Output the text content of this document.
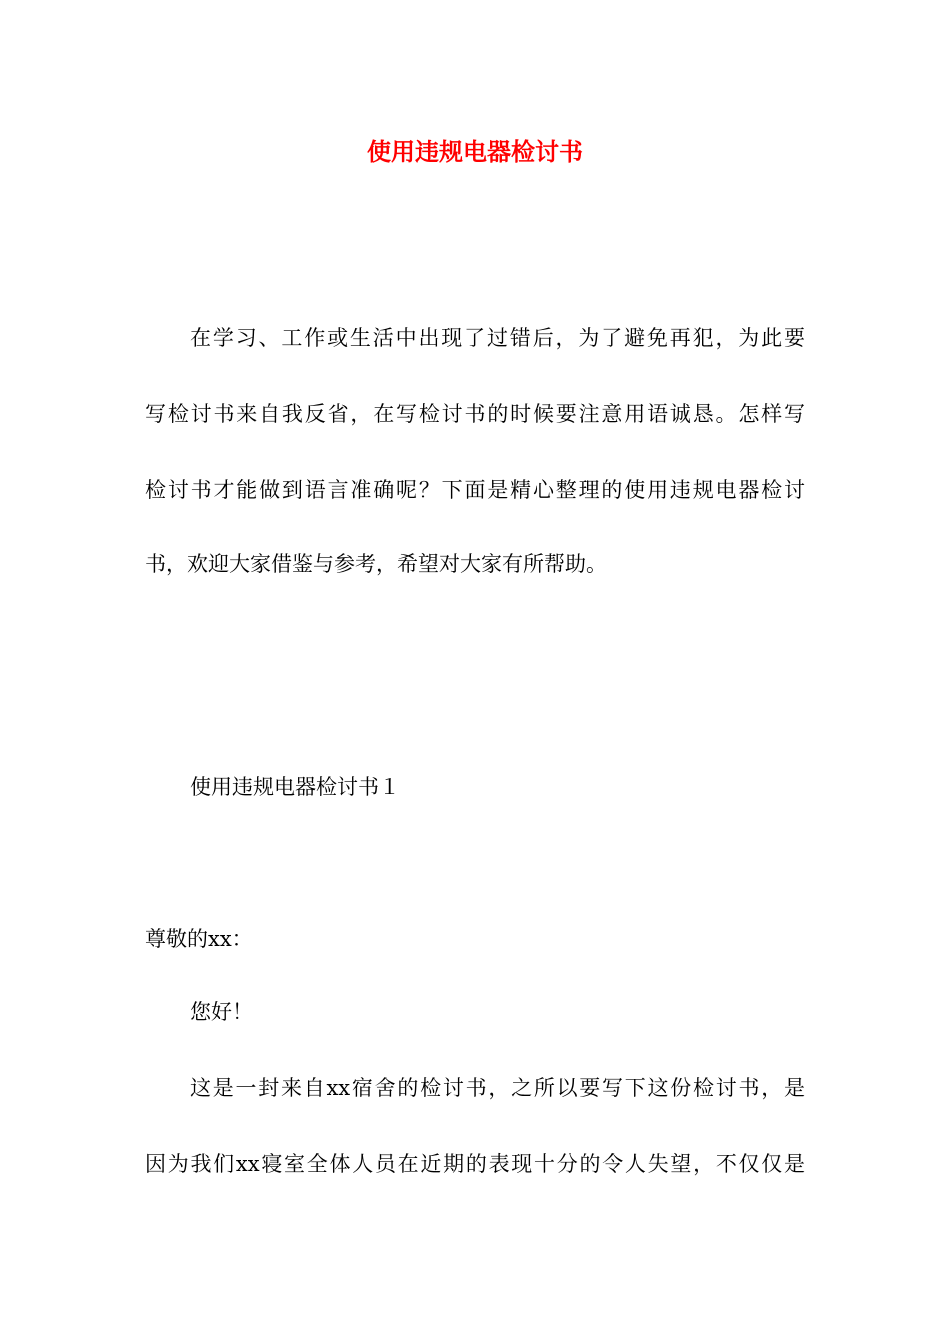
使用违规电器检讨书
在学习、工作或生活中出现了过错后，为了避免再犯，为此要
写检讨书来自我反省，在写检讨书的时候要注意用语诚恳。怎样写
检讨书才能做到语言准确呢？下面是精心整理的使用违规电器检讨
书，欢迎大家借鉴与参考，希望对大家有所帮助。
使用违规电器检讨书１
尊敬的xx：
您好！
这是一封来自xx宿舍的检讨书，之所以要写下这份检讨书，是
因为我们xx寝室全体人员在近期的表现十分的令人失望，不仅仅是
